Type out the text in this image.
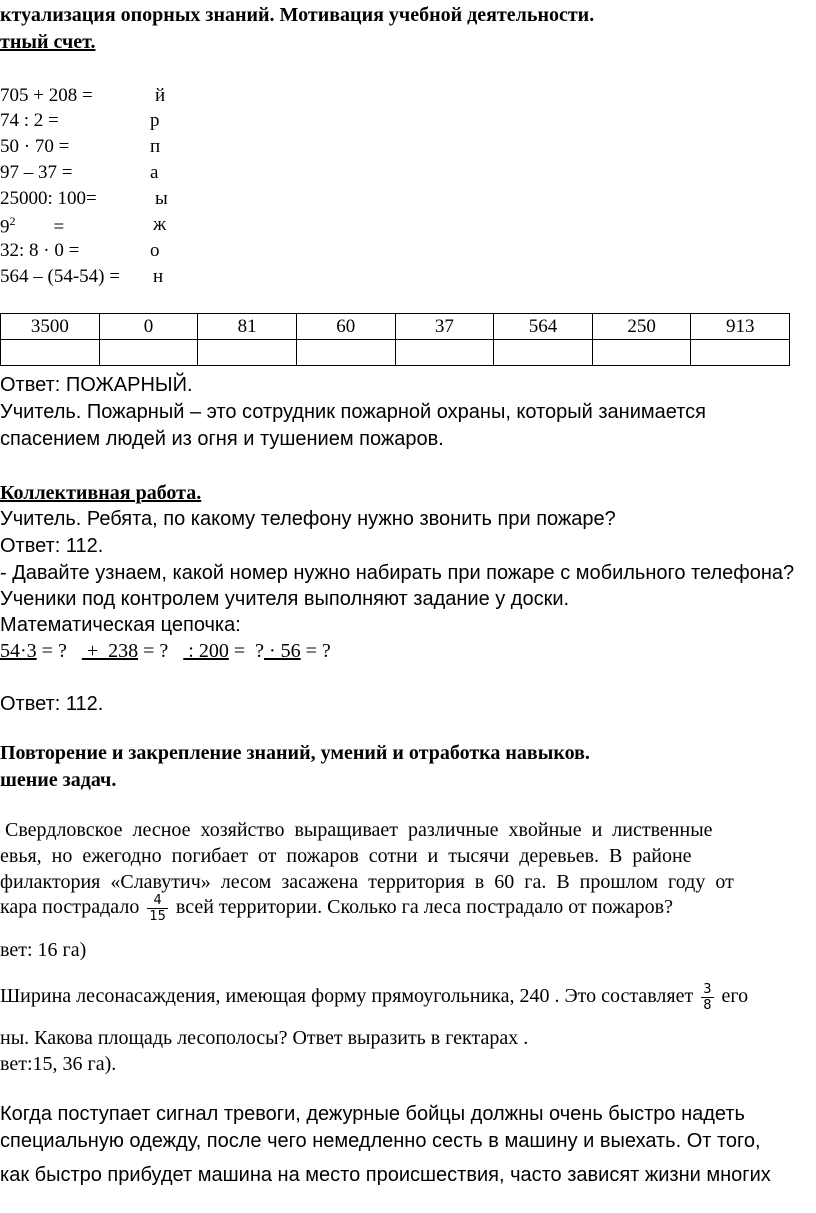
ктуализация опорных знаний. Мотивация учебной деятельности.
тный счет.
705 + 208 =	й
74 : 2 =	р
50 · 70 =	п
97 – 37 =	а
25000: 100=	ы
$9^2$ =	ж
32: 8 · 0 =	о
564 – (54-54) = н
3500	0	81	60	37	564	250	913

Ответ: ПОЖАРНЫЙ.
Учитель. Пожарный – это сотрудник пожарной охраны, который занимается
спасением людей из огня и тушением пожаров.
Коллективная работа.
Учитель. Ребята, по какому телефону нужно звонить при пожаре?
Ответ: 112.
- Давайте узнаем, какой номер нужно набирать при пожаре с мобильного телефона?
Ученики под контролем учителя выполняют задание у доски.
Математическая цепочка:
54·3 = ?    +  238 = ?    : 200 =  ? · 56 = ?
Ответ: 112.
Повторение и закрепление знаний, умений и отработка навыков.
шение задач.
Свердловское  лесное  хозяйство  выращивает  различные  хвойные  и  лиственные
евья,  но  ежегодно  погибает  от  пожаров  сотни  и  тысячи  деревьев.  В  районе
филактория  «Славутич»  лесом  засажена  территория  в  60  га.  В  прошлом  году  от
кара пострадало $\frac{4}{15}$ всей территории. Сколько га леса пострадало от пожаров?
вет: 16 га)
Ширина лесонасаждения, имеющая форму прямоугольника, 240 . Это составляет $\frac{3}{8}$ его
ны. Какова площадь лесополосы? Ответ выразить в гектарах .
вет:15, 36 га).
Когда поступает сигнал тревоги, дежурные бойцы должны очень быстро надеть
специальную одежду, после чего немедленно сесть в машину и выехать. От того,
как быстро прибудет машина на место происшествия, часто зависят жизни многих
